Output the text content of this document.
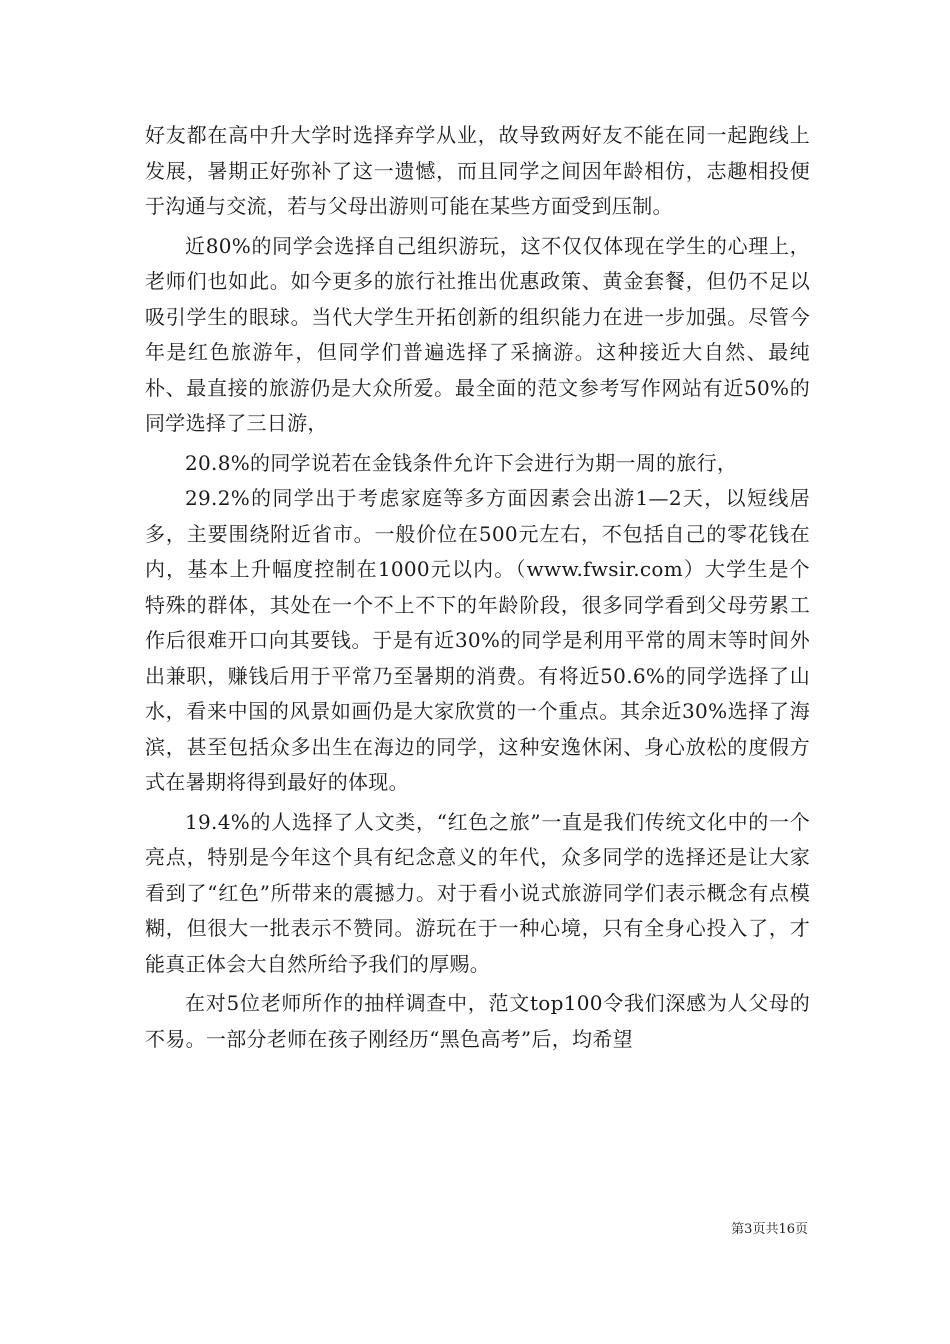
好友都在高中升大学时选择弃学从业，故导致两好友不能在同一起跑线上发展，暑期正好弥补了这一遗憾，而且同学之间因年龄相仿，志趣相投便于沟通与交流，若与父母出游则可能在某些方面受到压制。

近80%的同学会选择自己组织游玩，这不仅仅体现在学生的心理上，老师们也如此。如今更多的旅行社推出优惠政策、黄金套餐，但仍不足以吸引学生的眼球。当代大学生开拓创新的组织能力在进一步加强。尽管今年是红色旅游年，但同学们普遍选择了采摘游。这种接近大自然、最纯朴、最直接的旅游仍是大众所爱。最全面的范文参考写作网站有近50%的同学选择了三日游，

20.8%的同学说若在金钱条件允许下会进行为期一周的旅行，

29.2%的同学出于考虑家庭等多方面因素会出游1—2天，以短线居多，主要围绕附近省市。一般价位在500元左右，不包括自己的零花钱在内，基本上升幅度控制在1000元以内。（www.fwsir.com）大学生是个特殊的群体，其处在一个不上不下的年龄阶段，很多同学看到父母劳累工作后很难开口向其要钱。于是有近30%的同学是利用平常的周末等时间外出兼职，赚钱后用于平常乃至暑期的消费。有将近50.6%的同学选择了山水，看来中国的风景如画仍是大家欣赏的一个重点。其余近30%选择了海滨，甚至包括众多出生在海边的同学，这种安逸休闲、身心放松的度假方式在暑期将得到最好的体现。

19.4%的人选择了人文类，“红色之旅”一直是我们传统文化中的一个亮点，特别是今年这个具有纪念意义的年代，众多同学的选择还是让大家看到了“红色”所带来的震撼力。对于看小说式旅游同学们表示概念有点模糊，但很大一批表示不赞同。游玩在于一种心境，只有全身心投入了，才能真正体会大自然所给予我们的厚赐。

在对5位老师所作的抽样调查中，范文top100令我们深感为人父母的不易。一部分老师在孩子刚经历“黑色高考”后，均希望

第3页共16页
